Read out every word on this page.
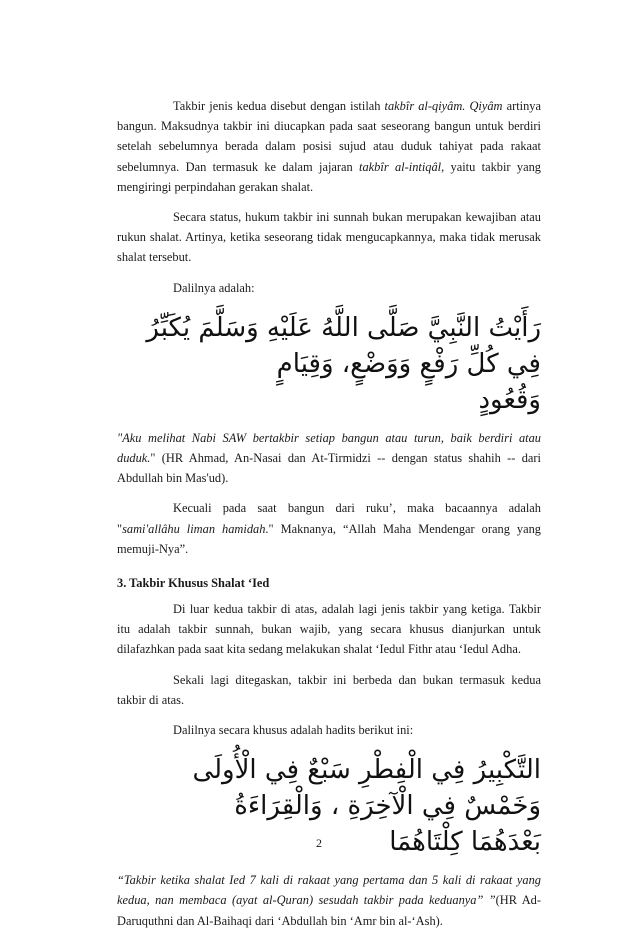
Takbir jenis kedua disebut dengan istilah takbîr al-qiyâm. Qiyâm artinya bangun. Maksudnya takbir ini diucapkan pada saat seseorang bangun untuk berdiri setelah sebelumnya berada dalam posisi sujud atau duduk tahiyat pada rakaat sebelumnya. Dan termasuk ke dalam jajaran takbîr al-intiqâl, yaitu takbir yang mengiringi perpindahan gerakan shalat.

Secara status, hukum takbir ini sunnah bukan merupakan kewajiban atau rukun shalat. Artinya, ketika seseorang tidak mengucapkannya, maka tidak merusak shalat tersebut.

Dalilnya adalah:

رَأَيْتُ النَّبِيَّ صَلَّى اللَّهُ عَلَيْهِ وَسَلَّمَ يُكَبِّرُ فِي كُلِّ رَفْعٍ وَوَضْعٍ، وَقِيَامٍ
وَقُعُودٍ

"Aku melihat Nabi SAW bertakbir setiap bangun atau turun, baik berdiri atau duduk." (HR Ahmad, An-Nasai dan At-Tirmidzi -- dengan status shahih -- dari Abdullah bin Mas'ud).

Kecuali pada saat bangun dari ruku’, maka bacaannya adalah "sami'allâhu liman hamidah." Maknanya, “Allah Maha Mendengar orang yang memuji-Nya”.

3. Takbir Khusus Shalat ‘Ied

Di luar kedua takbir di atas, adalah lagi jenis takbir yang ketiga. Takbir itu adalah takbir sunnah, bukan wajib, yang secara khusus dianjurkan untuk dilafazhkan pada saat kita sedang melakukan shalat ‘Iedul Fithr atau ‘Iedul Adha.

Sekali lagi ditegaskan, takbir ini berbeda dan bukan termasuk kedua takbir di atas.

Dalilnya secara khusus adalah hadits berikut ini:

التَّكْبِيرُ فِي الْفِطْرِ سَبْعٌ فِي الْأُولَى وَخَمْسٌ فِي الْآخِرَةِ ، وَالْقِرَاءَةُ
بَعْدَهُمَا كِلْتَاهُمَا

“Takbir ketika shalat Ied 7 kali di rakaat yang pertama dan 5 kali di rakaat yang kedua, nan membaca (ayat al-Quran) sesudah takbir pada keduanya” ”(HR Ad-Daruquthni dan Al-Baihaqi dari ‘Abdullah bin ‘Amr bin al-‘Ash).

2
